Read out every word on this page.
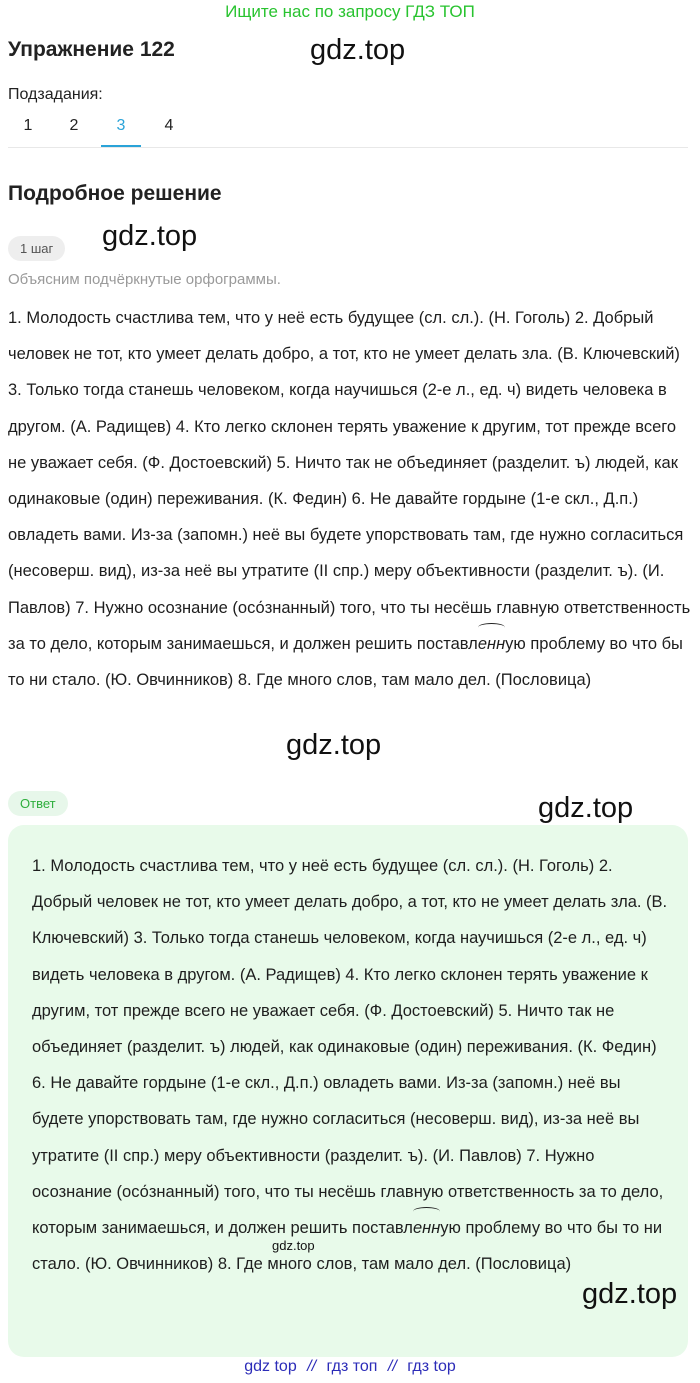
Ищите нас по запросу ГДЗ ТОП
Упражнение 122
Подзадания:
1	2	3	4
Подробное решение
1 шаг
Объясним подчёркнутые орфограммы.
1. Молодость счастлива тем, что у неё есть будущее (сл. сл.). (Н. Гоголь) 2. Добрый человек не тот, кто умеет делать добро, а тот, кто не умеет делать зла. (В. Ключевский) 3. Только тогда станешь человеком, когда научишься (2-е л., ед. ч) видеть человека в другом. (А. Радищев) 4. Кто легко склонен терять уважение к другим, тот прежде всего не уважает себя. (Ф. Достоевский) 5. Ничто так не объединяет (разделит. ъ) людей, как одинаковые (один) переживания. (К. Федин) 6. Не давайте гордыне (1-е скл., Д.п.) овладеть вами. Из-за (запомн.) неё вы будете упорствовать там, где нужно согласиться (несоверш. вид), из-за неё вы утратите (II спр.) меру объективности (разделит. ъ). (И. Павлов) 7. Нужно осознание (осо́знанный) того, что ты несёшь главную ответственность за то дело, которым занимаешься, и должен решить поставленную проблему во что бы то ни стало. (Ю. Овчинников) 8. Где много слов, там мало дел. (Пословица)
Ответ
1. Молодость счастлива тем, что у неё есть будущее (сл. сл.). (Н. Гоголь) 2. Добрый человек не тот, кто умеет делать добро, а тот, кто не умеет делать зла. (В. Ключевский) 3. Только тогда станешь человеком, когда научишься (2-е л., ед. ч) видеть человека в другом. (А. Радищев) 4. Кто легко склонен терять уважение к другим, тот прежде всего не уважает себя. (Ф. Достоевский) 5. Ничто так не объединяет (разделит. ъ) людей, как одинаковые (один) переживания. (К. Федин) 6. Не давайте гордыне (1-е скл., Д.п.) овладеть вами. Из-за (запомн.) неё вы будете упорствовать там, где нужно согласиться (несоверш. вид), из-за неё вы утратите (II спр.) меру объективности (разделит. ъ). (И. Павлов) 7. Нужно осознание (осо́знанный) того, что ты несёшь главную ответственность за то дело, которым занимаешься, и должен решить поставленную проблему во что бы то ни стало. (Ю. Овчинников) 8. Где много слов, там мало дел. (Пословица)
gdz.top
gdz.top
gdz.top
gdz.top
gdz.top
gdz.top
gdz top // гдз топ // гдз top
